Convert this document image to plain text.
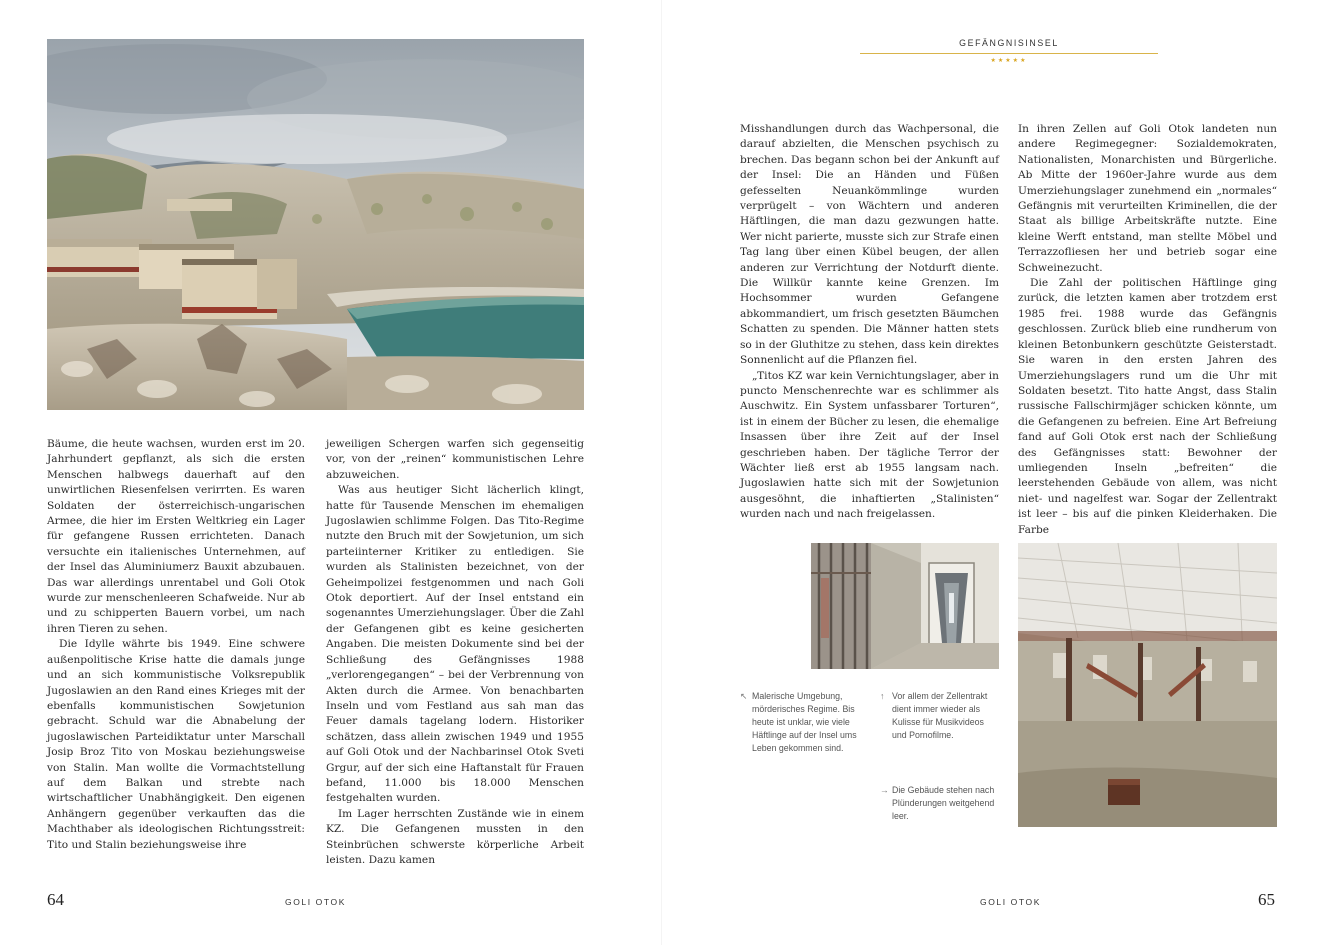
Bäume, die heute wachsen, wurden erst im 20. Jahrhundert gepflanzt, als sich die ersten Menschen halbwegs dauerhaft auf den unwirtlichen Riesenfelsen verirrten. Es waren Soldaten der österreichisch-ungarischen Armee, die hier im Ersten Weltkrieg ein Lager für gefangene Russen errichteten. Danach versuchte ein italienisches Unternehmen, auf der Insel das Aluminiumerz Bauxit abzubauen. Das war allerdings unrentabel und Goli Otok wurde zur menschenleeren Schafweide. Nur ab und zu schipperten Bauern vorbei, um nach ihren Tieren zu sehen.

Die Idylle währte bis 1949. Eine schwere außenpolitische Krise hatte die damals junge und an sich kommunistische Volksrepublik Jugoslawien an den Rand eines Krieges mit der ebenfalls kommunistischen Sowjetunion gebracht. Schuld war die Abnabelung der jugoslawischen Parteidiktatur unter Marschall Josip Broz Tito von Moskau beziehungsweise von Stalin. Man wollte die Vormachtstellung auf dem Balkan und strebte nach wirtschaftlicher Unabhängigkeit. Den eigenen Anhängern gegenüber verkauften das die Machthaber als ideologischen Richtungsstreit: Tito und Stalin beziehungsweise ihre

jeweiligen Schergen warfen sich gegenseitig vor, von der „reinen“ kommunistischen Lehre abzuweichen.

Was aus heutiger Sicht lächerlich klingt, hatte für Tausende Menschen im ehemaligen Jugoslawien schlimme Folgen. Das Tito-Regime nutzte den Bruch mit der Sowjetunion, um sich parteiinterner Kritiker zu entledigen. Sie wurden als Stalinisten bezeichnet, von der Geheimpolizei festgenommen und nach Goli Otok deportiert. Auf der Insel entstand ein sogenanntes Umerziehungslager. Über die Zahl der Gefangenen gibt es keine gesicherten Angaben. Die meisten Dokumente sind bei der Schließung des Gefängnisses 1988 „verlorengegangen“ – bei der Verbrennung von Akten durch die Armee. Von benachbarten Inseln und vom Festland aus sah man das Feuer damals tagelang lodern. Historiker schätzen, dass allein zwischen 1949 und 1955 auf Goli Otok und der Nachbarinsel Otok Sveti Grgur, auf der sich eine Haftanstalt für Frauen befand, 11.000 bis 18.000 Menschen festgehalten wurden.

Im Lager herrschten Zustände wie in einem KZ. Die Gefangenen mussten in den Steinbrüchen schwerste körperliche Arbeit leisten. Dazu kamen

64	GOLI OTOK
GEFÄNGNISINSEL
★★★★★

Misshandlungen durch das Wachpersonal, die darauf abzielten, die Menschen psychisch zu brechen. Das begann schon bei der Ankunft auf der Insel: Die an Händen und Füßen gefesselten Neuankömmlinge wurden verprügelt – von Wächtern und anderen Häftlingen, die man dazu gezwungen hatte. Wer nicht parierte, musste sich zur Strafe einen Tag lang über einen Kübel beugen, der allen anderen zur Verrichtung der Notdurft diente. Die Willkür kannte keine Grenzen. Im Hochsommer wurden Gefangene abkommandiert, um frisch gesetzten Bäumchen Schatten zu spenden. Die Männer hatten stets so in der Gluthitze zu stehen, dass kein direktes Sonnenlicht auf die Pflanzen fiel.

„Titos KZ war kein Vernichtungslager, aber in puncto Menschenrechte war es schlimmer als Auschwitz. Ein System unfassbarer Torturen“, ist in einem der Bücher zu lesen, die ehemalige Insassen über ihre Zeit auf der Insel geschrieben haben. Der tägliche Terror der Wächter ließ erst ab 1955 langsam nach. Jugoslawien hatte sich mit der Sowjetunion ausgesöhnt, die inhaftierten „Stalinisten“ wurden nach und nach freigelassen.

In ihren Zellen auf Goli Otok landeten nun andere Regimegegner: Sozialdemokraten, Nationalisten, Monarchisten und Bürgerliche. Ab Mitte der 1960er-Jahre wurde aus dem Umerziehungslager zunehmend ein „normales“ Gefängnis mit verurteilten Kriminellen, die der Staat als billige Arbeitskräfte nutzte. Eine kleine Werft entstand, man stellte Möbel und Terrazzofliesen her und betrieb sogar eine Schweinezucht.

Die Zahl der politischen Häftlinge ging zurück, die letzten kamen aber trotzdem erst 1985 frei. 1988 wurde das Gefängnis geschlossen. Zurück blieb eine rundherum von kleinen Betonbunkern geschützte Geisterstadt. Sie waren in den ersten Jahren des Umerziehungslagers rund um die Uhr mit Soldaten besetzt. Tito hatte Angst, dass Stalin russische Fallschirmjäger schicken könnte, um die Gefangenen zu befreien. Eine Art Befreiung fand auf Goli Otok erst nach der Schließung des Gefängnisses statt: Bewohner der umliegenden Inseln „befreiten“ die leerstehenden Gebäude von allem, was nicht niet- und nagelfest war. Sogar der Zellentrakt ist leer – bis auf die pinken Kleiderhaken. Die Farbe

↖ Malerische Umgebung, mörderisches Regime. Bis heute ist unklar, wie viele Häftlinge auf der Insel ums Leben gekommen sind.
↑ Vor allem der Zellentrakt dient immer wieder als Kulisse für Musikvideos und Pornofilme.
→ Die Gebäude stehen nach Plünderungen weitgehend leer.
GOLI OTOK	65
